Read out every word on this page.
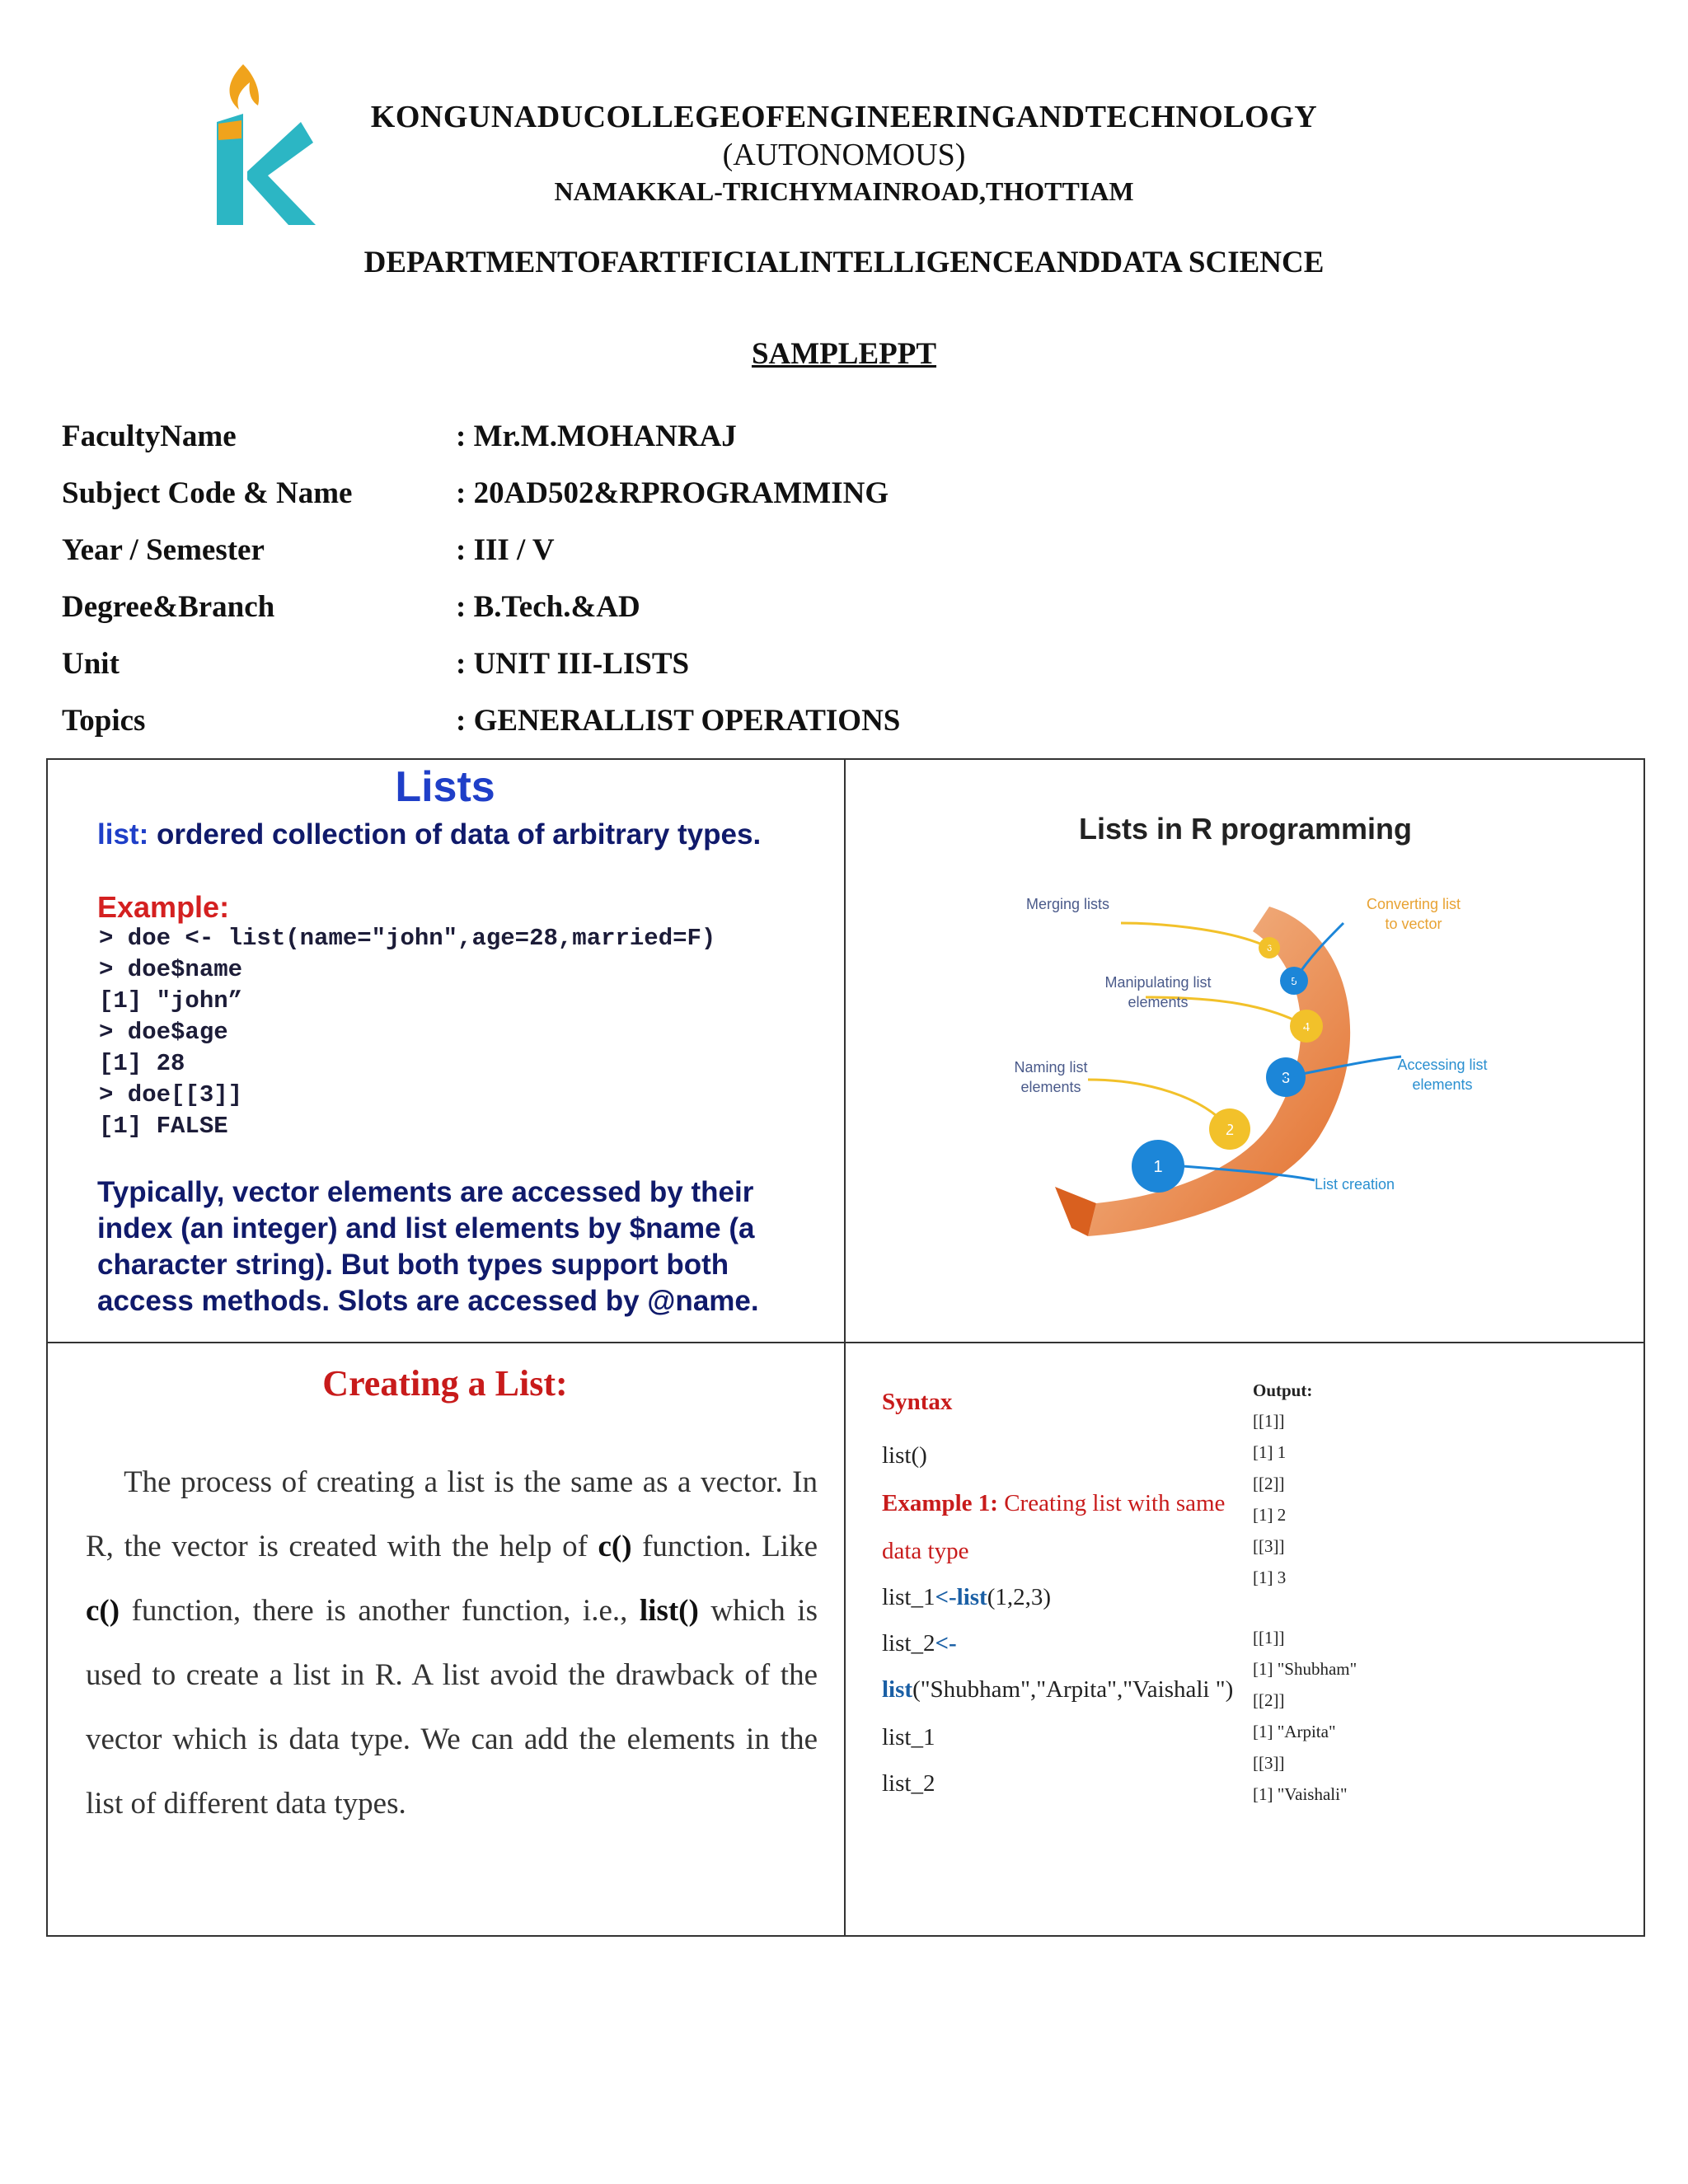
KONGUNADUCOLLEGEOFENGINEERINGANDTECHNOLOGY
(AUTONOMOUS)
NAMAKKAL-TRICHYMAINROAD,THOTTIAM
DEPARTMENTOFARTIFICIALINTELLIGENCEANDDATA SCIENCE
SAMPLEPPT
FacultyName	: Mr.M.MOHANRAJ
Subject Code & Name	: 20AD502&RPROGRAMMING
Year / Semester	: III / V
Degree&Branch	: B.Tech.&AD
Unit	: UNIT III-LISTS
Topics	: GENERALLIST OPERATIONS
Lists
list: ordered collection of data of arbitrary types.
Example:
> doe <- list(name="john",age=28,married=F)
> doe$name
[1] "john”
> doe$age
[1] 28
> doe[[3]]
[1] FALSE
Typically, vector elements are accessed by their index (an integer) and list elements by $name (a character string). But both types support both access methods. Slots are accessed by @name.
Lists in R programming
1
2
3
4
5
6
Merging lists	Converting list to vector
Manipulating list elements
Naming list elements
Accessing list elements
List creation
Creating a List:
The process of creating a list is the same as a vector. In R, the vector is created with the help of c() function. Like c() function, there is another function, i.e., list() which is used to create a list in R. A list avoid the drawback of the vector which is data type. We can add the elements in the list of different data types.
Syntax
list()
Example 1: Creating list with same
data type
list_1<-list(1,2,3)
list_2<-
list("Shubham","Arpita","Vaishali ")
list_1
list_2
Output:
[[1]]
[1] 1
[[2]]
[1] 2
[[3]]
[1] 3
[[1]]
[1] "Shubham"
[[2]]
[1] "Arpita"
[[3]]
[1] "Vaishali"
